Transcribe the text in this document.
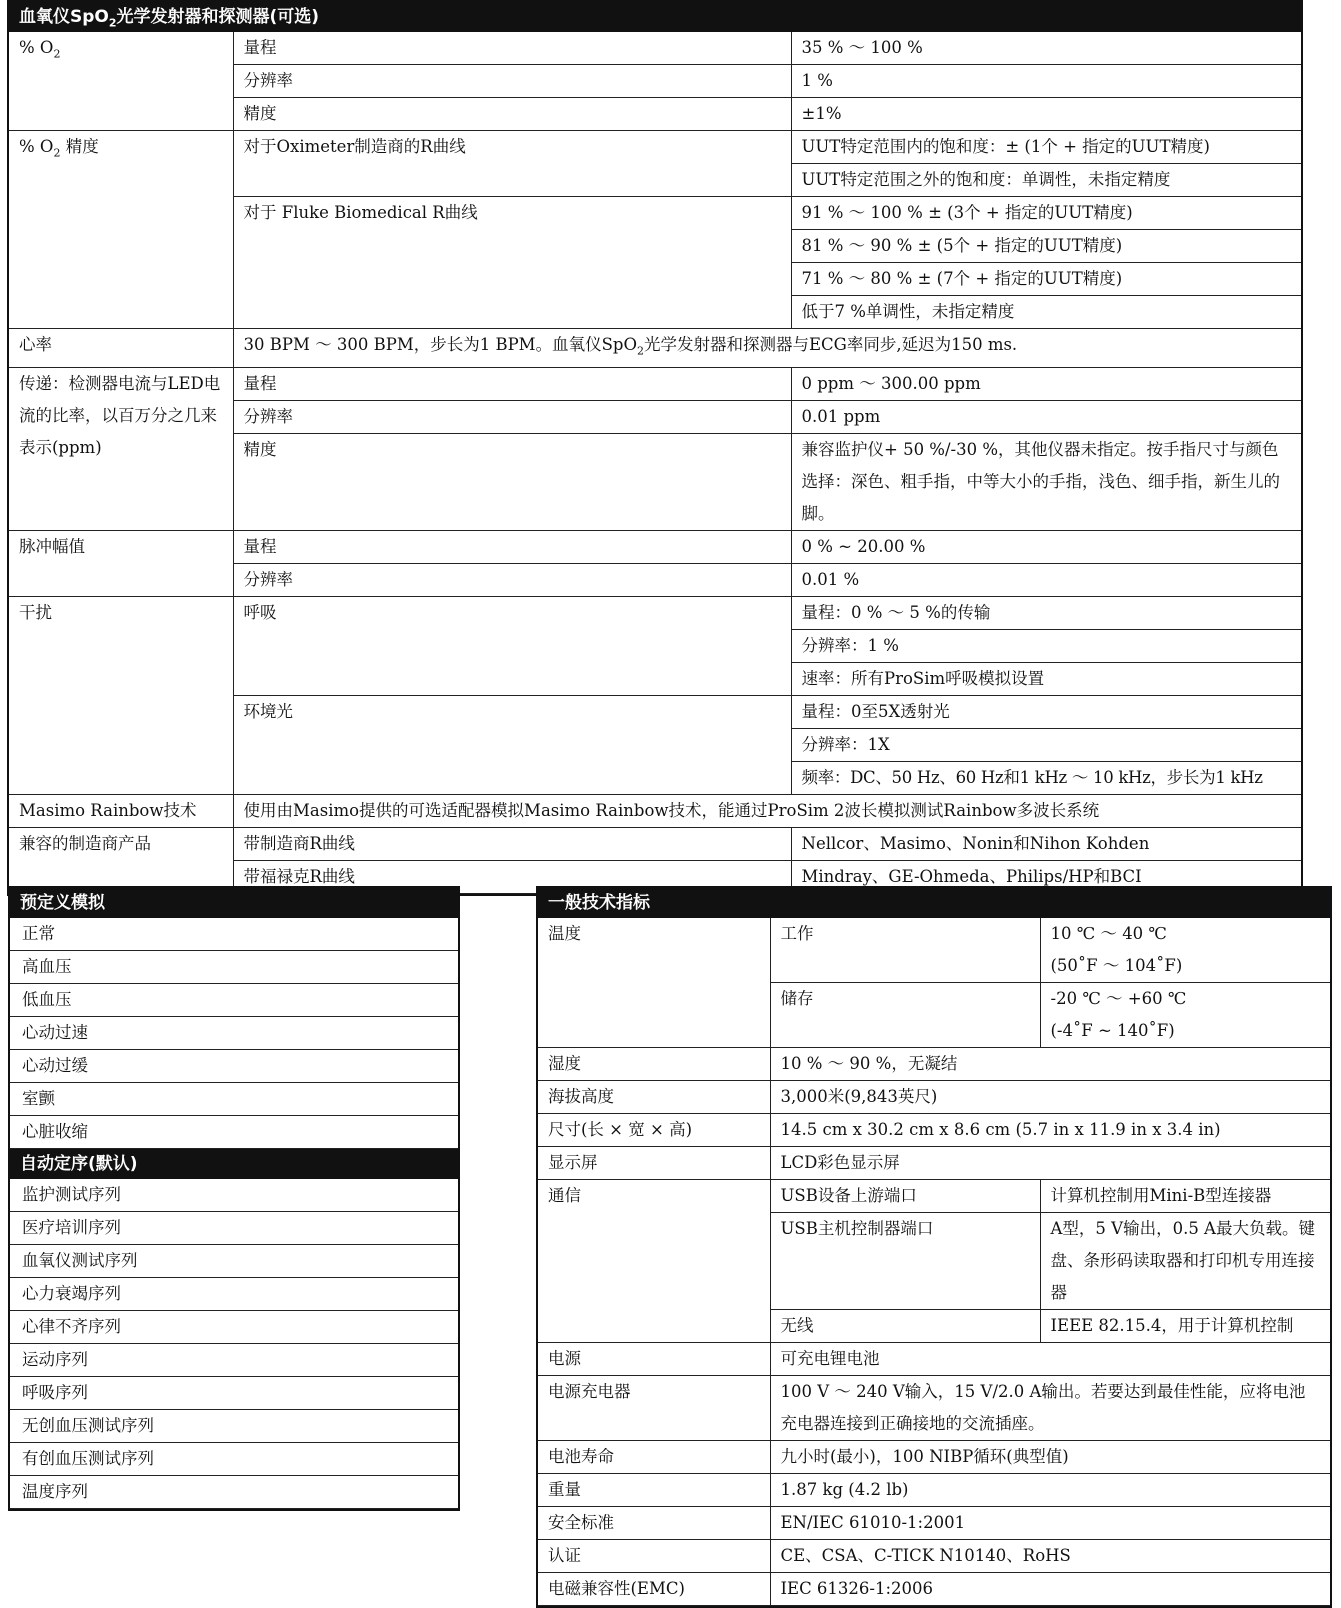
血氧仪SpO$_2$光学发射器和探测器(可选)
% $O_2$	量程	35 % ～ 100 %
	分辨率	1 %
	精度	±1%
% $O_2$ 精度	对于Oximeter制造商的R曲线	UUT特定范围内的饱和度：± (1个 + 指定的UUT精度)
		UUT特定范围之外的饱和度：单调性，未指定精度
	对于 Fluke Biomedical R曲线	91 % ～ 100 % ± (3个 + 指定的UUT精度)
		81 % ～ 90 % ± (5个 + 指定的UUT精度)
		71 % ～ 80 % ± (7个 + 指定的UUT精度)
		低于7 %单调性，未指定精度
心率	30 BPM ～ 300 BPM，步长为1 BPM。血氧仪SpO$_2$光学发射器和探测器与ECG率同步,延迟为150 ms.	
传递：检测器电流与LED电流的比率，以百万分之几来表示(ppm)	量程	0 ppm ～ 300.00 ppm
	分辨率	0.01 ppm
	精度	兼容监护仪+ 50 %/-30 %，其他仪器未指定。按手指尺寸与颜色选择：深色、粗手指，中等大小的手指，浅色、细手指，新生儿的脚。
脉冲幅值	量程	0 % ~ 20.00 %
	分辨率	0.01 %
干扰	呼吸	量程：0 % ～ 5 %的传输
		分辨率：1 %
		速率：所有ProSim呼吸模拟设置
	环境光	量程：0至5X透射光
		分辨率：1X
		频率：DC、50 Hz、60 Hz和1 kHz ～ 10 kHz，步长为1 kHz
Masimo Rainbow技术	使用由Masimo提供的可选适配器模拟Masimo Rainbow技术，能通过ProSim 2波长模拟测试Rainbow多波长系统	
兼容的制造商产品	带制造商R曲线	Nellcor、Masimo、Nonin和Nihon Kohden
	带福禄克R曲线	Mindray、GE-Ohmeda、Philips/HP和BCI
预定义模拟
正常
高血压
低血压
心动过速
心动过缓
室颤
心脏收缩
自动定序(默认)
监护测试序列
医疗培训序列
血氧仪测试序列
心力衰竭序列
心律不齐序列
运动序列
呼吸序列
无创血压测试序列
有创血压测试序列
温度序列
一般技术指标
温度	工作	10 ℃ ～ 40 ℃
		(50˚F ～ 104˚F)
	储存	-20 ℃ ～ +60 ℃
		(-4˚F ~ 140˚F)
湿度	10 % ～ 90 %，无凝结	
海拔高度	3,000米(9,843英尺)	
尺寸(长 × 宽 × 高)	14.5 cm x 30.2 cm x 8.6 cm (5.7 in x 11.9 in x 3.4 in)	
显示屏	LCD彩色显示屏	
通信	USB设备上游端口	计算机控制用Mini-B型连接器
	USB主机控制器端口	A型，5 V输出，0.5 A最大负载。键盘、条形码读取器和打印机专用连接器
	无线	IEEE 82.15.4，用于计算机控制
电源	可充电锂电池	
电源充电器	100 V ～ 240 V输入，15 V/2.0 A输出。若要达到最佳性能，应将电池充电器连接到正确接地的交流插座。	
电池寿命	九小时(最小)，100 NIBP循环(典型值)	
重量	1.87 kg (4.2 lb)	
安全标准	EN/IEC 61010-1:2001	
认证	CE、CSA、C-TICK N10140、RoHS	
电磁兼容性(EMC)	IEC 61326-1:2006	
